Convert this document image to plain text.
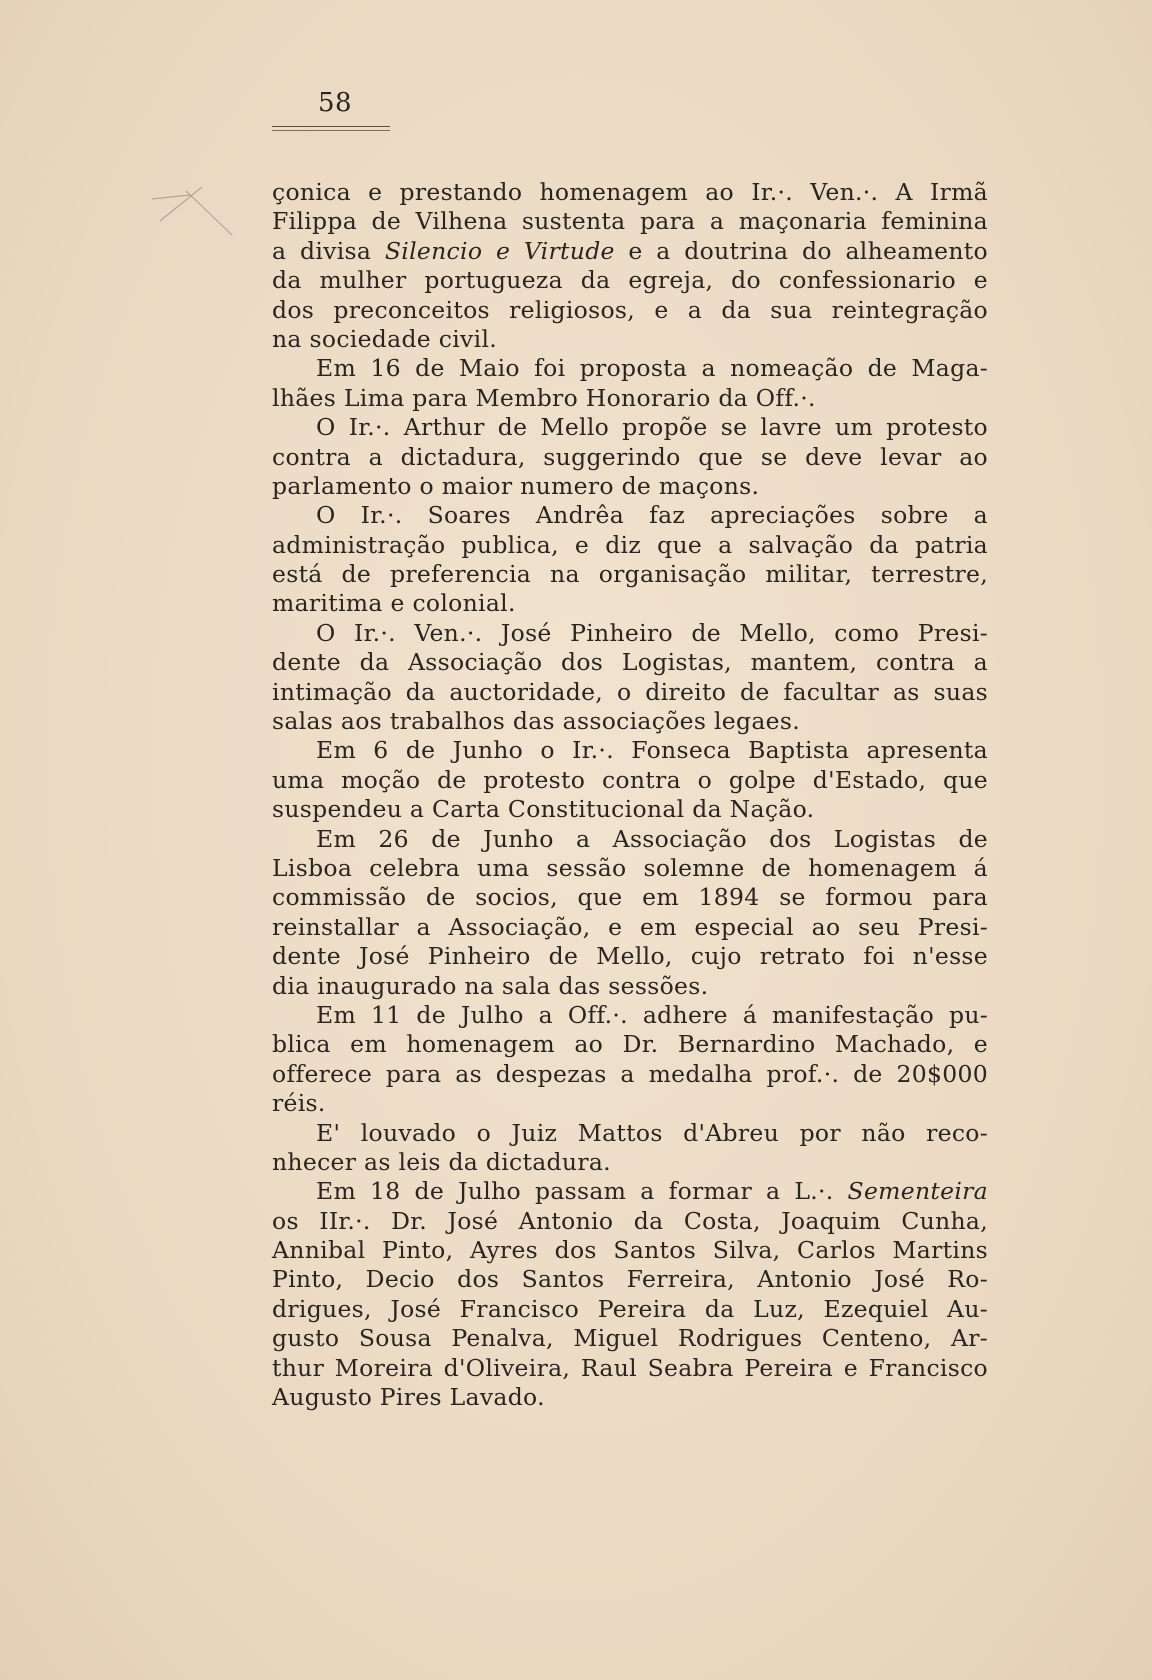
58
çonica e prestando homenagem ao Ir.·. Ven.·. A Irmã
Filippa de Vilhena sustenta para a maçonaria feminina
a divisa Silencio e Virtude e a doutrina do alheamento
da mulher portugueza da egreja, do confessionario e
dos preconceitos religiosos, e a da sua reintegração
na sociedade civil.
Em 16 de Maio foi proposta a nomeação de Maga-
lhães Lima para Membro Honorario da Off.·.
O Ir.·. Arthur de Mello propõe se lavre um protesto
contra a dictadura, suggerindo que se deve levar ao
parlamento o maior numero de maçons.
O Ir.·. Soares Andrêa faz apreciações sobre a
administração publica, e diz que a salvação da patria
está de preferencia na organisação militar, terrestre,
maritima e colonial.
O Ir.·. Ven.·. José Pinheiro de Mello, como Presi-
dente da Associação dos Logistas, mantem, contra a
intimação da auctoridade, o direito de facultar as suas
salas aos trabalhos das associações legaes.
Em 6 de Junho o Ir.·. Fonseca Baptista apresenta
uma moção de protesto contra o golpe d'Estado, que
suspendeu a Carta Constitucional da Nação.
Em 26 de Junho a Associação dos Logistas de
Lisboa celebra uma sessão solemne de homenagem á
commissão de socios, que em 1894 se formou para
reinstallar a Associação, e em especial ao seu Presi-
dente José Pinheiro de Mello, cujo retrato foi n'esse
dia inaugurado na sala das sessões.
Em 11 de Julho a Off.·. adhere á manifestação pu-
blica em homenagem ao Dr. Bernardino Machado, e
offerece para as despezas a medalha prof.·. de 20$000
réis.
E' louvado o Juiz Mattos d'Abreu por não reco-
nhecer as leis da dictadura.
Em 18 de Julho passam a formar a L.·. Sementeira
os IIr.·. Dr. José Antonio da Costa, Joaquim Cunha,
Annibal Pinto, Ayres dos Santos Silva, Carlos Martins
Pinto, Decio dos Santos Ferreira, Antonio José Ro-
drigues, José Francisco Pereira da Luz, Ezequiel Au-
gusto Sousa Penalva, Miguel Rodrigues Centeno, Ar-
thur Moreira d'Oliveira, Raul Seabra Pereira e Francisco
Augusto Pires Lavado.
